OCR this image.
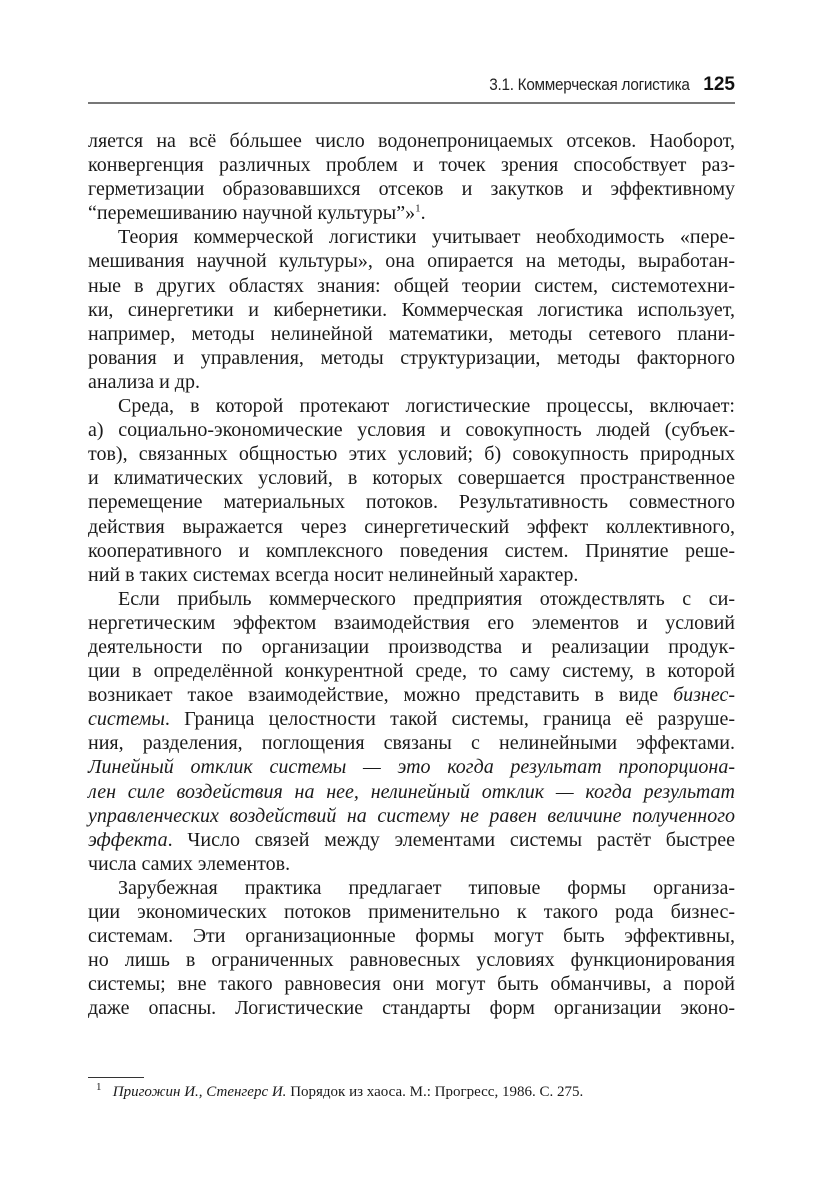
3.1. Коммерческая логистика 125
ляется на всё бóльшее число водонепроницаемых отсеков. Наоборот,
конвергенция различных проблем и точек зрения способствует раз-
герметизации образовавшихся отсеков и закутков и эффективному
“перемешиванию научной культуры”»$^1$.
Теория коммерческой логистики учитывает необходимость «пере-
мешивания научной культуры», она опирается на методы, выработан-
ные в других областях знания: общей теории систем, системотехни-
ки, синергетики и кибернетики. Коммерческая логистика использует,
например, методы нелинейной математики, методы сетевого плани-
рования и управления, методы структуризации, методы факторного
анализа и др.
Среда, в которой протекают логистические процессы, включает:
а) социально-экономические условия и совокупность людей (субъек-
тов), связанных общностью этих условий; б) совокупность природных
и климатических условий, в которых совершается пространственное
перемещение материальных потоков. Результативность совместного
действия выражается через синергетический эффект коллективного,
кооперативного и комплексного поведения систем. Принятие реше-
ний в таких системах всегда носит нелинейный характер.
Если прибыль коммерческого предприятия отождествлять с си-
нергетическим эффектом взаимодействия его элементов и условий
деятельности по организации производства и реализации продук-
ции в определённой конкурентной среде, то саму систему, в которой
возникает такое взаимодействие, можно представить в виде бизнес-
системы. Граница целостности такой системы, граница её разруше-
ния, разделения, поглощения связаны с нелинейными эффектами.
Линейный отклик системы — это когда результат пропорциона-
лен силе воздействия на нее, нелинейный отклик — когда результат
управленческих воздействий на систему не равен величине полученного
эффекта. Число связей между элементами системы растёт быстрее
числа самих элементов.
Зарубежная практика предлагает типовые формы организа-
ции экономических потоков применительно к такого рода бизнес-
системам. Эти организационные формы могут быть эффективны,
но лишь в ограниченных равновесных условиях функционирования
системы; вне такого равновесия они могут быть обманчивы, а порой
даже опасны. Логистические стандарты форм организации эконо-
$^1$ Пригожин И., Стенгерс И. Порядок из хаоса. М.: Прогресс, 1986. С. 275.
